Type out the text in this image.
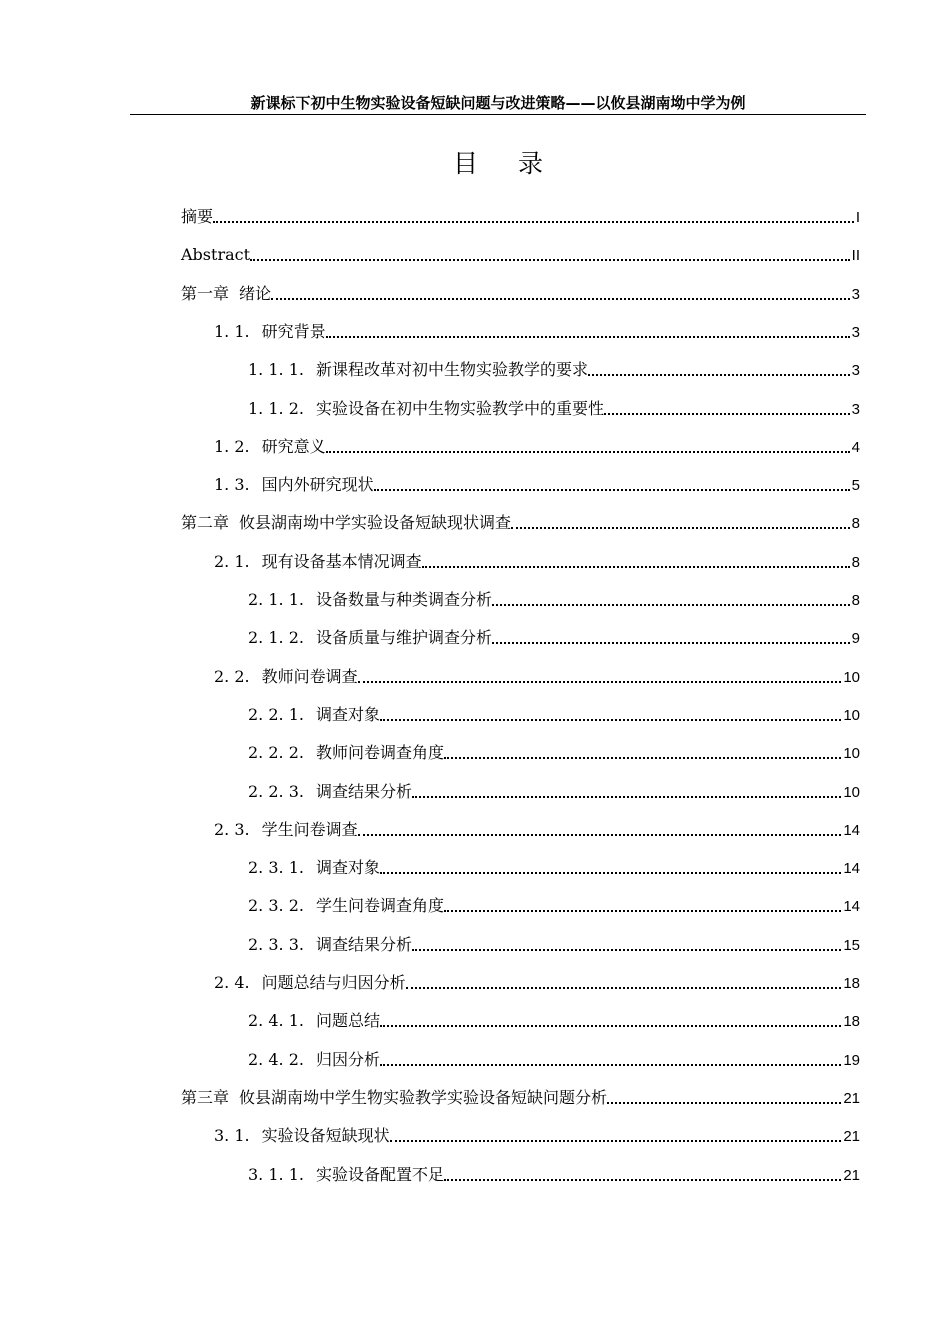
新课标下初中生物实验设备短缺问题与改进策略——以攸县湖南坳中学为例
目录
摘要	I
Abstract	II
第一章 绪论	3
1. 1. 研究背景	3
1. 1. 1. 新课程改革对初中生物实验教学的要求	3
1. 1. 2. 实验设备在初中生物实验教学中的重要性	3
1. 2. 研究意义	4
1. 3. 国内外研究现状	5
第二章 攸县湖南坳中学实验设备短缺现状调查	8
2. 1. 现有设备基本情况调查	8
2. 1. 1. 设备数量与种类调查分析	8
2. 1. 2. 设备质量与维护调查分析	9
2. 2. 教师问卷调查	10
2. 2. 1. 调查对象	10
2. 2. 2. 教师问卷调查角度	10
2. 2. 3. 调查结果分析	10
2. 3. 学生问卷调查	14
2. 3. 1. 调查对象	14
2. 3. 2. 学生问卷调查角度	14
2. 3. 3. 调查结果分析	15
2. 4. 问题总结与归因分析	18
2. 4. 1. 问题总结	18
2. 4. 2. 归因分析	19
第三章 攸县湖南坳中学生物实验教学实验设备短缺问题分析	21
3. 1. 实验设备短缺现状	21
3. 1. 1. 实验设备配置不足	21
